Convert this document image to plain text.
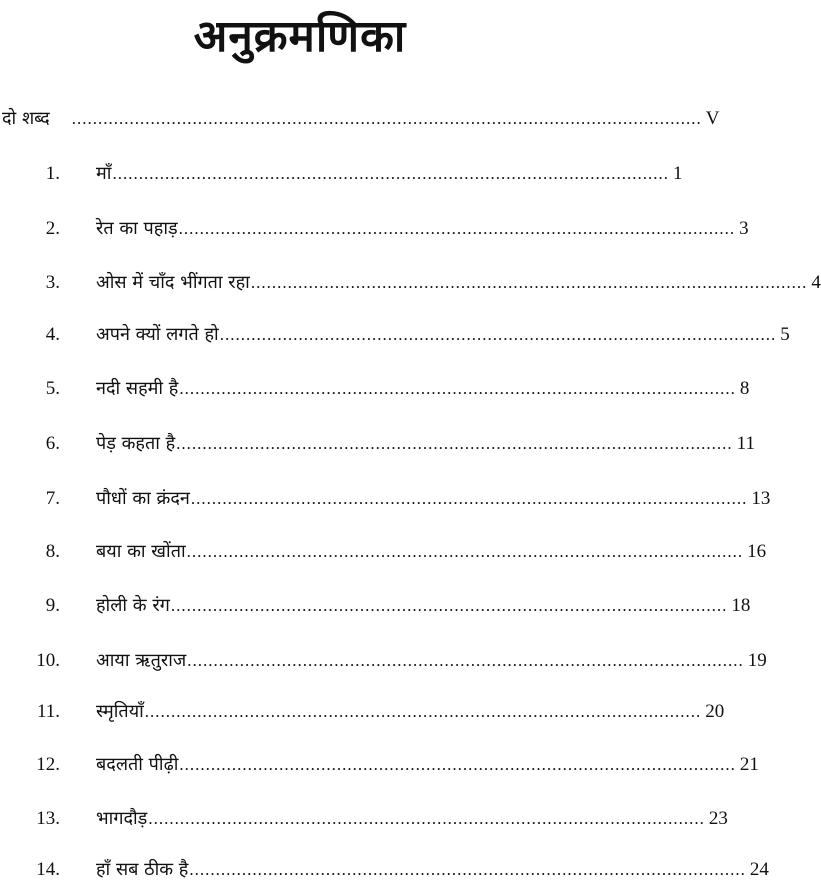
अनुक्रमणिका
दो शब्द ........................................................................................................................ V
1. माँ .......................................................................................................... 1
2. रेत का पहाड़ .......................................................................................................... 3
3. ओस में चाँद भींगता रहा .......................................................................................................... 4
4. अपने क्यों लगते हो .......................................................................................................... 5
5. नदी सहमी है .......................................................................................................... 8
6. पेड़ कहता है .......................................................................................................... 11
7. पौधों का क्रंदन .......................................................................................................... 13
8. बया का खोंता .......................................................................................................... 16
9. होली के रंग .......................................................................................................... 18
10. आया ऋतुराज .......................................................................................................... 19
11. स्मृतियाँ .......................................................................................................... 20
12. बदलती पीढ़ी .......................................................................................................... 21
13. भागदौड़ .......................................................................................................... 23
14. हाँ सब ठीक है .......................................................................................................... 24
